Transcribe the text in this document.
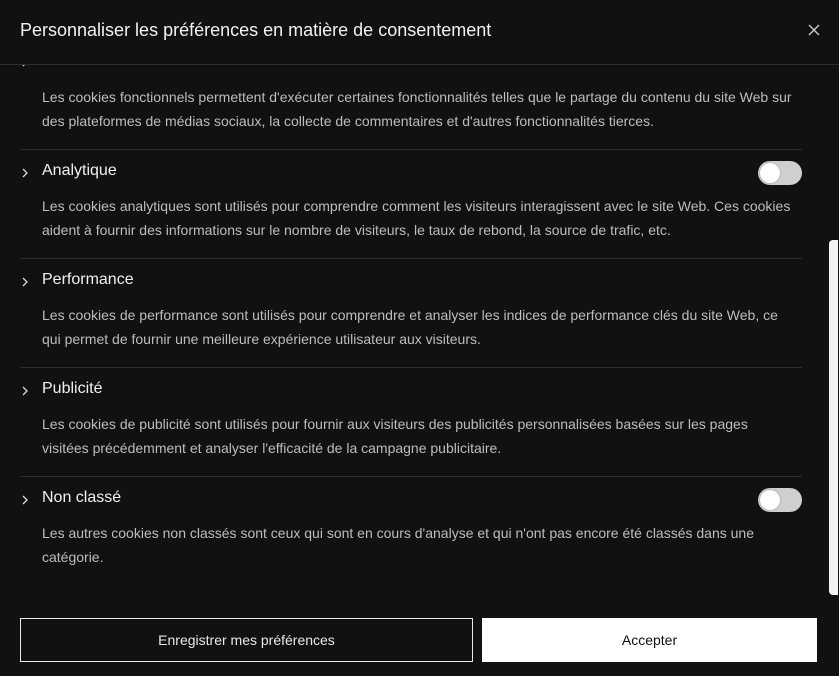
Personnaliser les préférences en matière de consentement
Les cookies fonctionnels permettent d'exécuter certaines fonctionnalités telles que le partage du contenu du site Web sur des plateformes de médias sociaux, la collecte de commentaires et d'autres fonctionnalités tierces.
Analytique
Les cookies analytiques sont utilisés pour comprendre comment les visiteurs interagissent avec le site Web. Ces cookies aident à fournir des informations sur le nombre de visiteurs, le taux de rebond, la source de trafic, etc.
Performance
Les cookies de performance sont utilisés pour comprendre et analyser les indices de performance clés du site Web, ce qui permet de fournir une meilleure expérience utilisateur aux visiteurs.
Publicité
Les cookies de publicité sont utilisés pour fournir aux visiteurs des publicités personnalisées basées sur les pages visitées précédemment et analyser l'efficacité de la campagne publicitaire.
Non classé
Les autres cookies non classés sont ceux qui sont en cours d'analyse et qui n'ont pas encore été classés dans une catégorie.
Enregistrer mes préférences	Accepter
